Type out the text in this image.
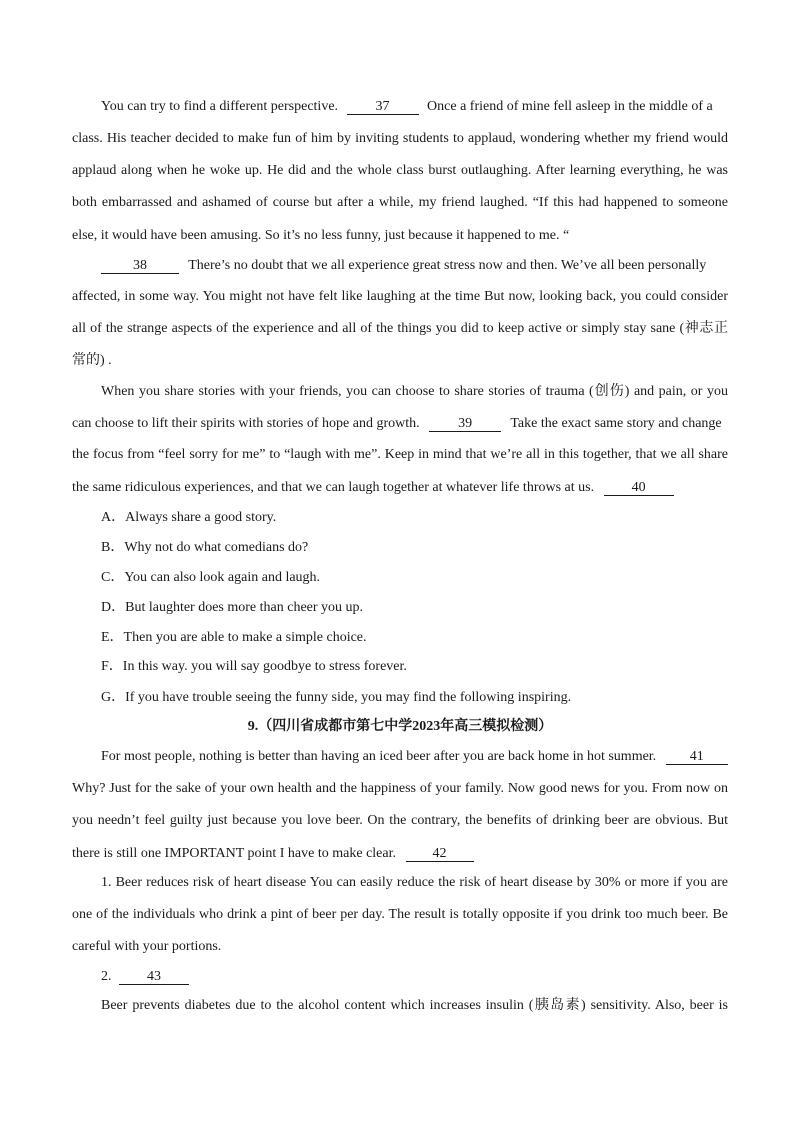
You can try to find a different perspective.	37	Once a friend of mine fell asleep in the middle of a
class. His teacher decided to make fun of him by inviting students to applaud, wondering whether my friend would
applaud along when he woke up. He did and the whole class burst outlaughing. After learning everything, he was
both embarrassed and ashamed of course but after a while, my friend laughed. “If this had happened to someone
else, it would have been amusing. So it’s no less funny, just because it happened to me. “
38	There’s no doubt that we all experience great stress now and then. We’ve all been personally
affected, in some way. You might not have felt like laughing at the time But now, looking back, you could consider
all of the strange aspects of the experience and all of the things you did to keep active or simply stay sane (神志正
常的) .
When you share stories with your friends, you can choose to share stories of trauma (创伤) and pain, or you
can choose to lift their spirits with stories of hope and growth.	39	Take the exact same story and change
the focus from “feel sorry for me” to “laugh with me”. Keep in mind that we’re all in this together, that we all share
the same ridiculous experiences, and that we can laugh together at whatever life throws at us.	40
A．Always share a good story.
B．Why not do what comedians do?
C．You can also look again and laugh.
D．But laughter does more than cheer you up.
E．Then you are able to make a simple choice.
F．In this way. you will say goodbye to stress forever.
G．If you have trouble seeing the funny side, you may find the following inspiring.
9.（四川省成都市第七中学2023年高三模拟检测）
For most people, nothing is better than having an iced beer after you are back home in hot summer. 41
Why? Just for the sake of your own health and the happiness of your family. Now good news for you. From now on
you needn’t feel guilty just because you love beer. On the contrary, the benefits of drinking beer are obvious. But
there is still one IMPORTANT point I have to make clear.	42
1. Beer reduces risk of heart disease You can easily reduce the risk of heart disease by 30% or more if you are
one of the individuals who drink a pint of beer per day. The result is totally opposite if you drink too much beer. Be
careful with your portions.
2.	43
Beer prevents diabetes due to the alcohol content which increases insulin (胰岛素) sensitivity. Also, beer is
